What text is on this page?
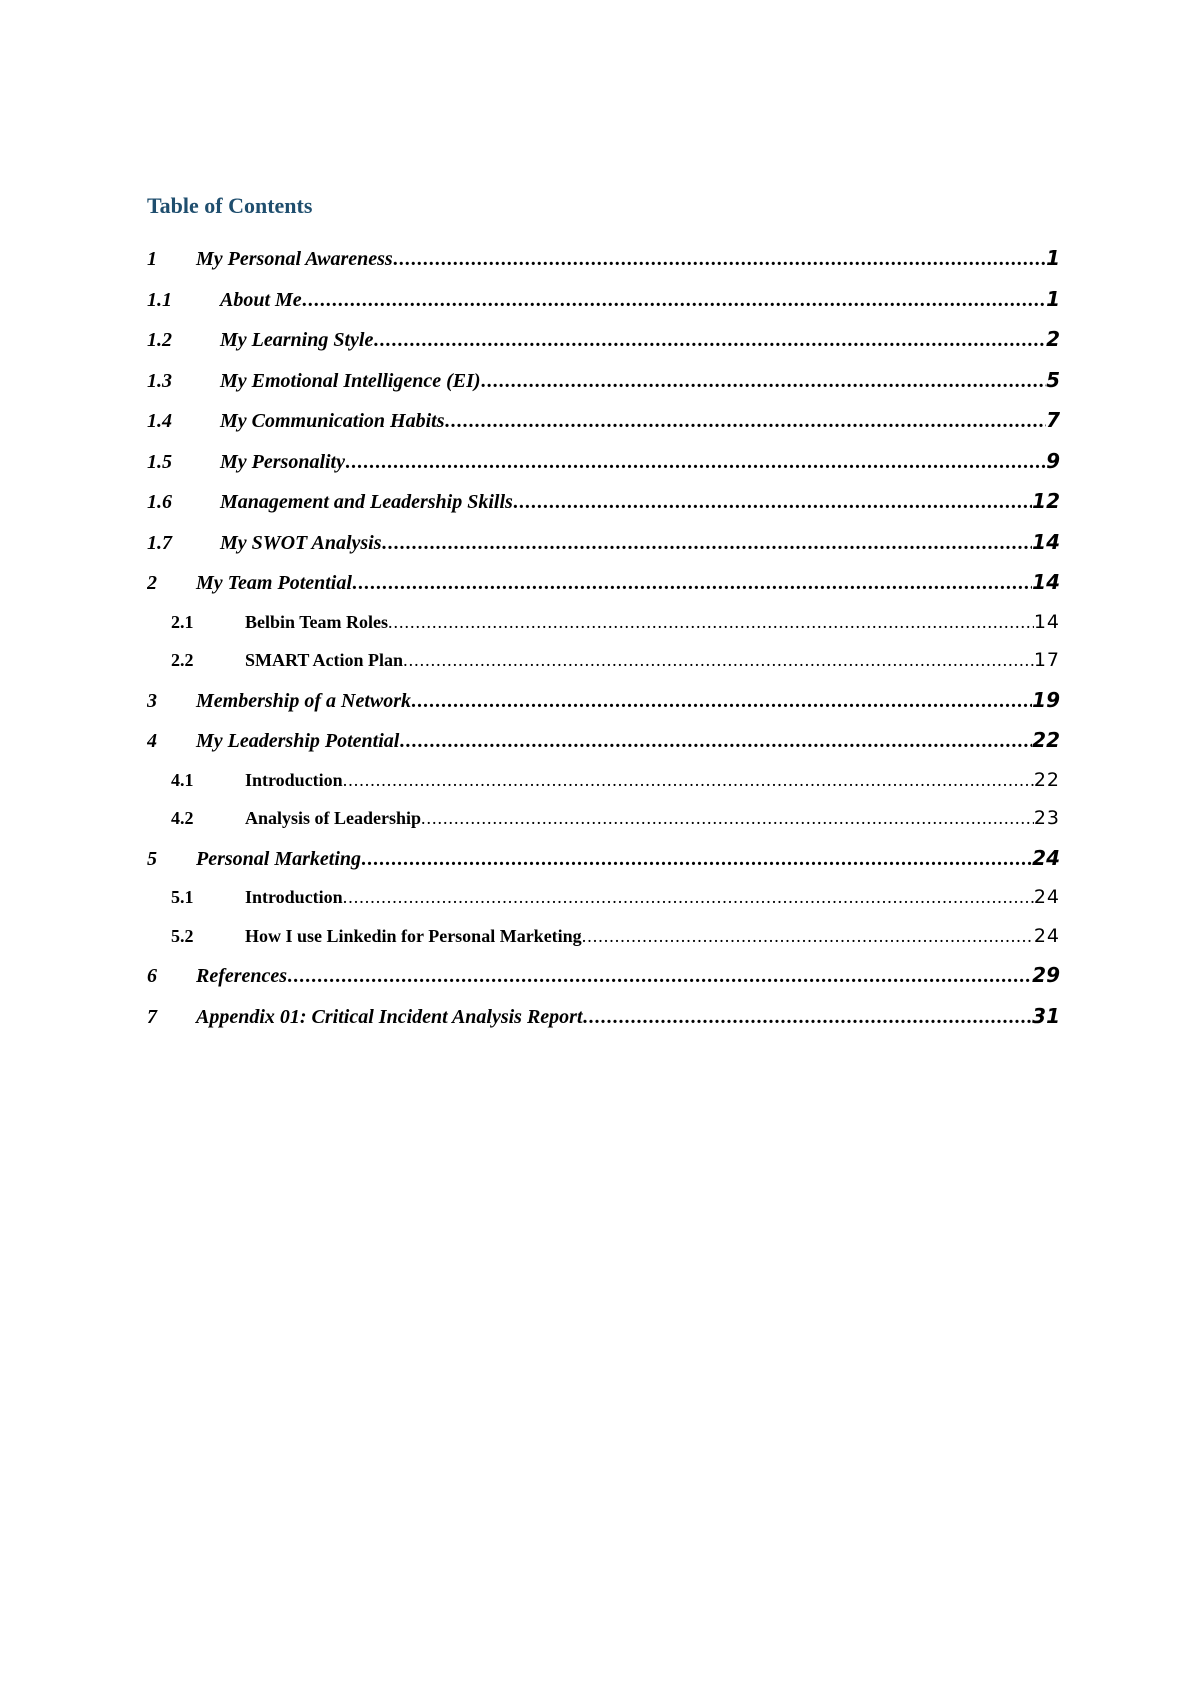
Table of Contents
1	My Personal Awareness .....	1
1.1	About Me .....	1
1.2	My Learning Style .....	2
1.3	My Emotional Intelligence (EI) .....	5
1.4	My Communication Habits .....	7
1.5	My Personality .....	9
1.6	Management and Leadership Skills .....	12
1.7	My SWOT Analysis .....	14
2	My Team Potential .....	14
2.1	Belbin Team Roles .....	14
2.2	SMART Action Plan .....	17
3	Membership of a Network .....	19
4	My Leadership Potential .....	22
4.1	Introduction .....	22
4.2	Analysis of Leadership .....	23
5	Personal Marketing .....	24
5.1	Introduction .....	24
5.2	How I use Linkedin for Personal Marketing .....	24
6	References .....	29
7	Appendix 01: Critical Incident Analysis Report .....	31
